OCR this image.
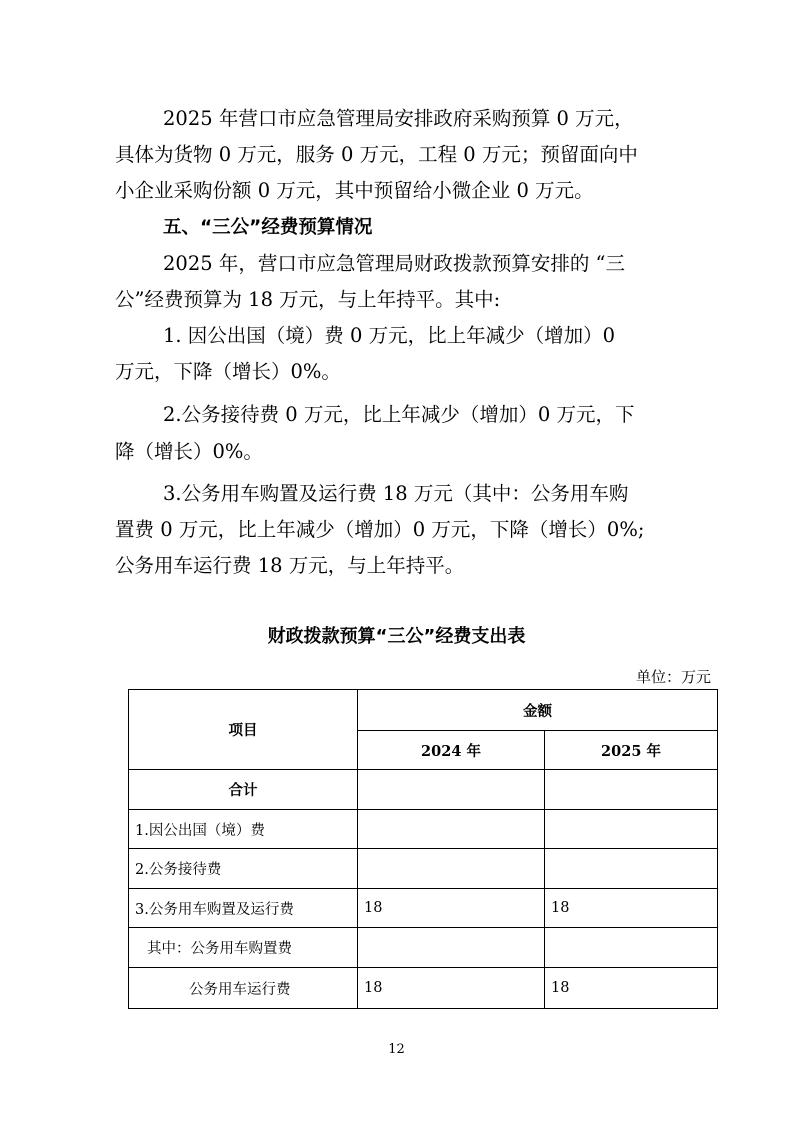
2025 年营口市应急管理局安排政府采购预算 0 万元，
具体为货物 0 万元，服务 0 万元，工程 0 万元；预留面向中
小企业采购份额 0 万元，其中预留给小微企业 0 万元。
五、“三公”经费预算情况
2025 年，营口市应急管理局财政拨款预算安排的 “三
公”经费预算为 18 万元，与上年持平。其中:
1. 因公出国（境）费 0 万元，比上年减少（增加）0
万元，下降（增长）0%。
2.公务接待费 0 万元，比上年减少（增加）0 万元，下
降（增长）0%。
3.公务用车购置及运行费 18 万元（其中：公务用车购
置费 0 万元，比上年减少（增加）0 万元，下降（增长）0%;
公务用车运行费 18 万元，与上年持平。
财政拨款预算“三公”经费支出表
单位：万元
项目	金额	
	2024 年	2025 年
合计		
1.因公出国（境）费		
2.公务接待费		
3.公务用车购置及运行费	18	18
其中：公务用车购置费		
公务用车运行费	18	18
12
